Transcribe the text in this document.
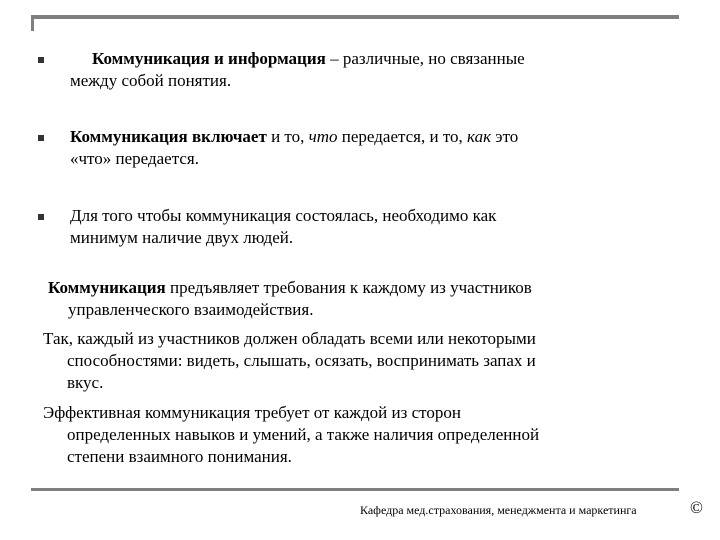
Коммуникация и информация – различные, но связанные
между собой понятия.
Коммуникация включает и то, что передается, и то, как это
«что» передается.
Для того чтобы коммуникация состоялась, необходимо как
минимум наличие двух людей.
Коммуникация предъявляет требования к каждому из участников
управленческого взаимодействия.
Так, каждый из участников должен обладать всеми или некоторыми
способностями: видеть, слышать, осязать, воспринимать запах и
вкус.
Эффективная коммуникация требует от каждой из сторон
определенных навыков и умений, а также наличия определенной
степени взаимного понимания.
Кафедра мед.страхования, менеджмента и маркетинга	©
